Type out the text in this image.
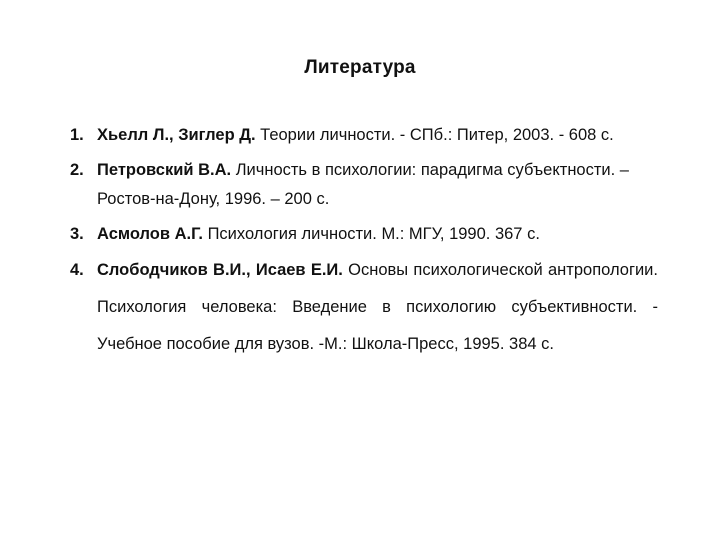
Литература
1. Хьелл Л., Зиглер Д. Теории личности. - СПб.: Питер, 2003. - 608 с.
2. Петровский В.А. Личность в психологии: парадигма субъектности. – Ростов-на-Дону, 1996. – 200 с.
3. Асмолов А.Г. Психология личности. М.: МГУ, 1990. 367 с.
4. Слободчиков В.И., Исаев Е.И. Основы психологической антропологии. Психология человека: Введение в психологию субъективности. - Учебное пособие для вузов. -М.: Школа-Пресс, 1995. 384 с.
